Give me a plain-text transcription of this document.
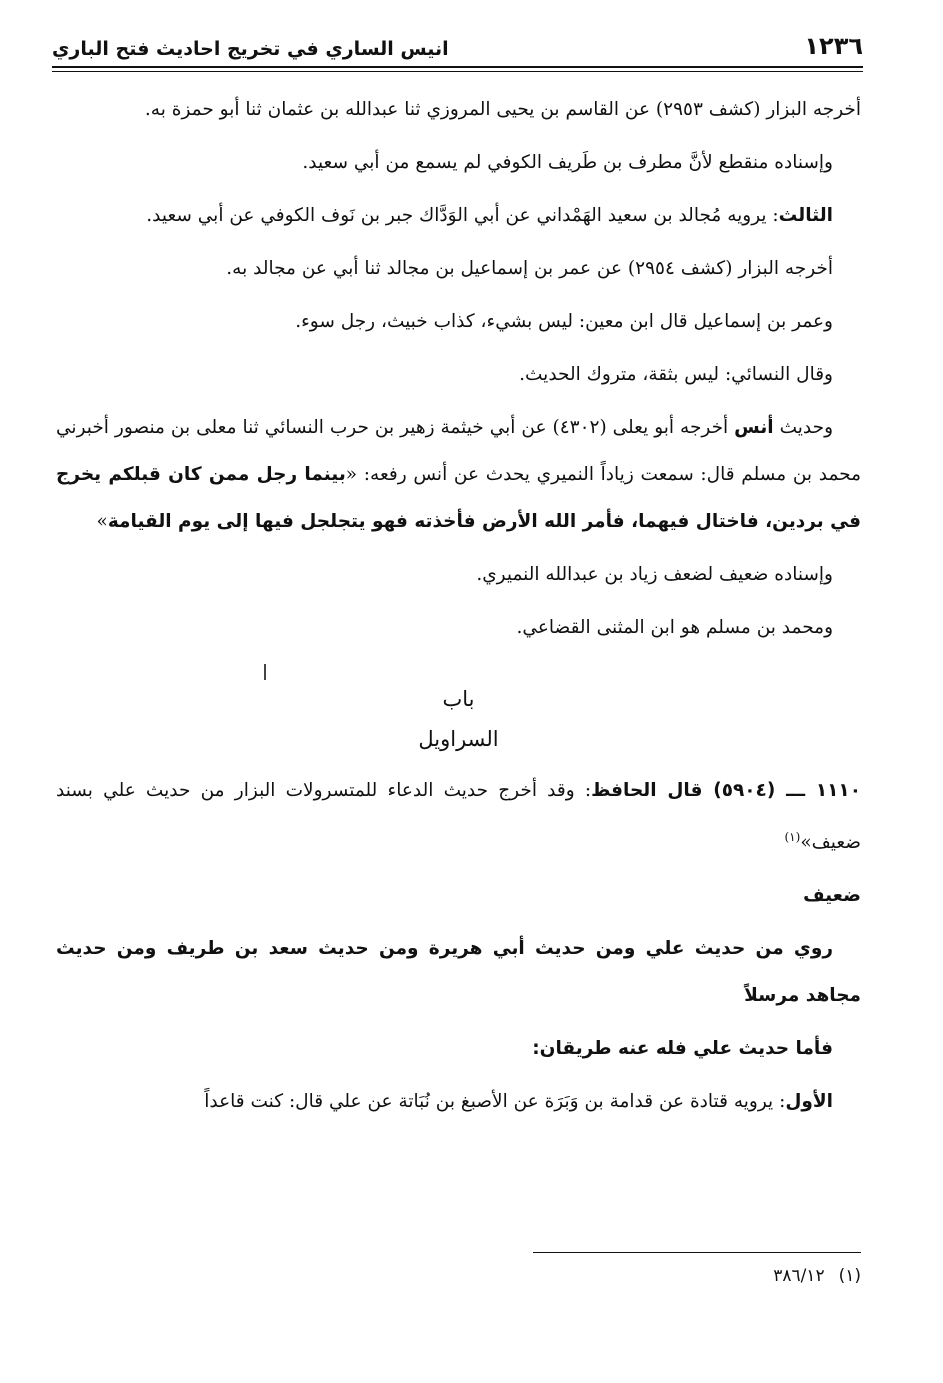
١٢٣٦
انيس الساري في تخريج احاديث فتح الباري

أخرجه البزار (كشف ٢٩٥٣) عن القاسم بن يحيى المروزي ثنا عبدالله بن عثمان ثنا أبو حمزة به.

وإسناده منقطع لأنَّ مطرف بن طَريف الكوفي لم يسمع من أبي سعيد.

الثالث: يرويه مُجالد بن سعيد الهَمْداني عن أبي الوَدَّاك جبر بن نَوف الكوفي عن أبي سعيد.

أخرجه البزار (كشف ٢٩٥٤) عن عمر بن إسماعيل بن مجالد ثنا أبي عن مجالد به.

وعمر بن إسماعيل قال ابن معين: ليس بشيء، كذاب خبيث، رجل سوء.

وقال النسائي: ليس بثقة، متروك الحديث.

وحديث أنس أخرجه أبو يعلى (٤٣٠٢) عن أبي خيثمة زهير بن حرب النسائي ثنا معلى بن منصور أخبرني محمد بن مسلم قال: سمعت زياداً النميري يحدث عن أنس رفعه: «بينما رجل ممن كان قبلكم يخرج في بردين، فاختال فيهما، فأمر الله الأرض فأخذته فهو يتجلجل فيها إلى يوم القيامة»

وإسناده ضعيف لضعف زياد بن عبدالله النميري.

ومحمد بن مسلم هو ابن المثنى القضاعي.

باب

السراويل

١١١٠ ـــ (٥٩٠٤) قال الحافظ: وقد أخرج حديث الدعاء للمتسرولات البزار من حديث علي بسند ضعيف»$^{(١)}$

ضعيف

روي من حديث علي ومن حديث أبي هريرة ومن حديث سعد بن طريف ومن حديث مجاهد مرسلاً

فأما حديث علي فله عنه طريقان:

الأول: يرويه قتادة عن قدامة بن وَبَرَة عن الأصبغ بن نُبَاتة عن علي قال: كنت قاعداً

(١)٣٨٦/١٢
